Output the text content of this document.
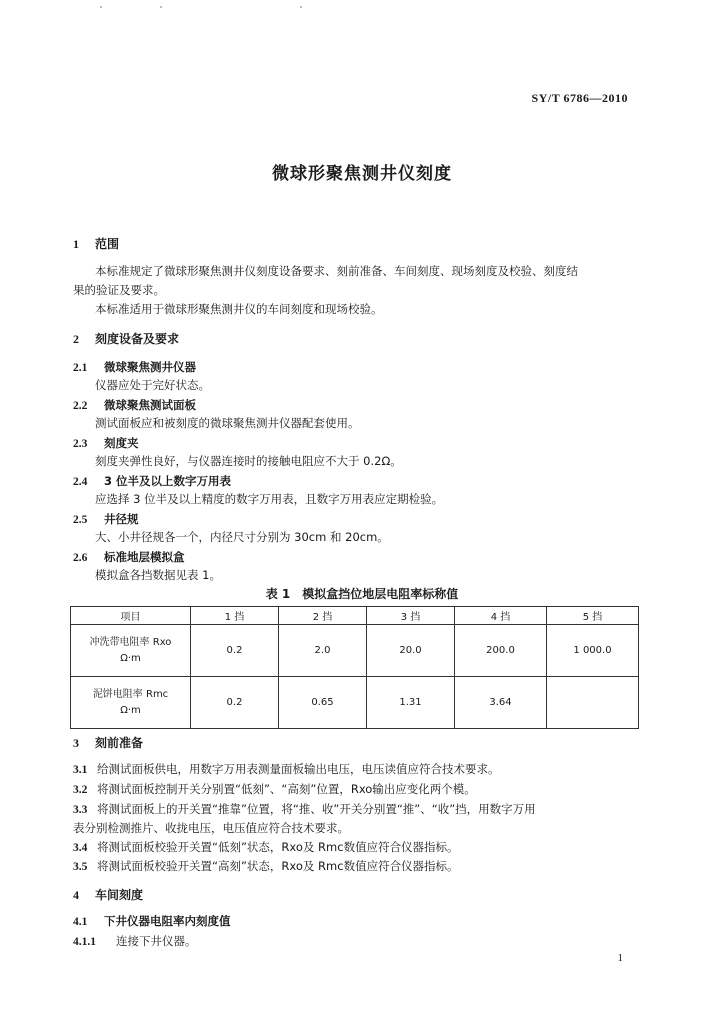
SY/T 6786—2010
微球形聚焦测井仪刻度
1 范围
本标准规定了微球形聚焦测井仪刻度设备要求、刻前准备、车间刻度、现场刻度及校验、刻度结
果的验证及要求。
本标准适用于微球形聚焦测井仪的车间刻度和现场校验。
2 刻度设备及要求
2.1 微球聚焦测井仪器
仪器应处于完好状态。
2.2 微球聚焦测试面板
测试面板应和被刻度的微球聚焦测井仪器配套使用。
2.3 刻度夹
刻度夹弹性良好，与仪器连接时的接触电阻应不大于 0.2Ω。
2.4 3 位半及以上数字万用表
应选择 3 位半及以上精度的数字万用表，且数字万用表应定期检验。
2.5 井径规
大、小井径规各一个，内径尺寸分别为 30cm 和 20cm。
2.6 标准地层模拟盒
模拟盒各挡数据见表 1。
表 1　模拟盒挡位地层电阻率标称值
项目	1 挡	2 挡	3 挡	4 挡	5 挡

冲洗带电阻率 Rxo
Ω·m	0.2	2.0	20.0	200.0	1 000.0

泥饼电阻率 Rmc
Ω·m	0.2	0.65	1.31	3.64	
3 刻前准备
3.1 给测试面板供电，用数字万用表测量面板输出电压，电压读值应符合技术要求。
3.2 将测试面板控制开关分别置“低刻”、“高刻”位置，Rxo输出应变化两个模。
3.3 将测试面板上的开关置“推靠”位置，将“推、收”开关分别置“推”、“收”挡，用数字万用
表分别检测推片、收拢电压，电压值应符合技术要求。
3.4 将测试面板校验开关置“低刻”状态，Rxo及 Rmc数值应符合仪器指标。
3.5 将测试面板校验开关置“高刻”状态，Rxo及 Rmc数值应符合仪器指标。
4 车间刻度
4.1 下井仪器电阻率内刻度值
4.1.1 连接下井仪器。
1
